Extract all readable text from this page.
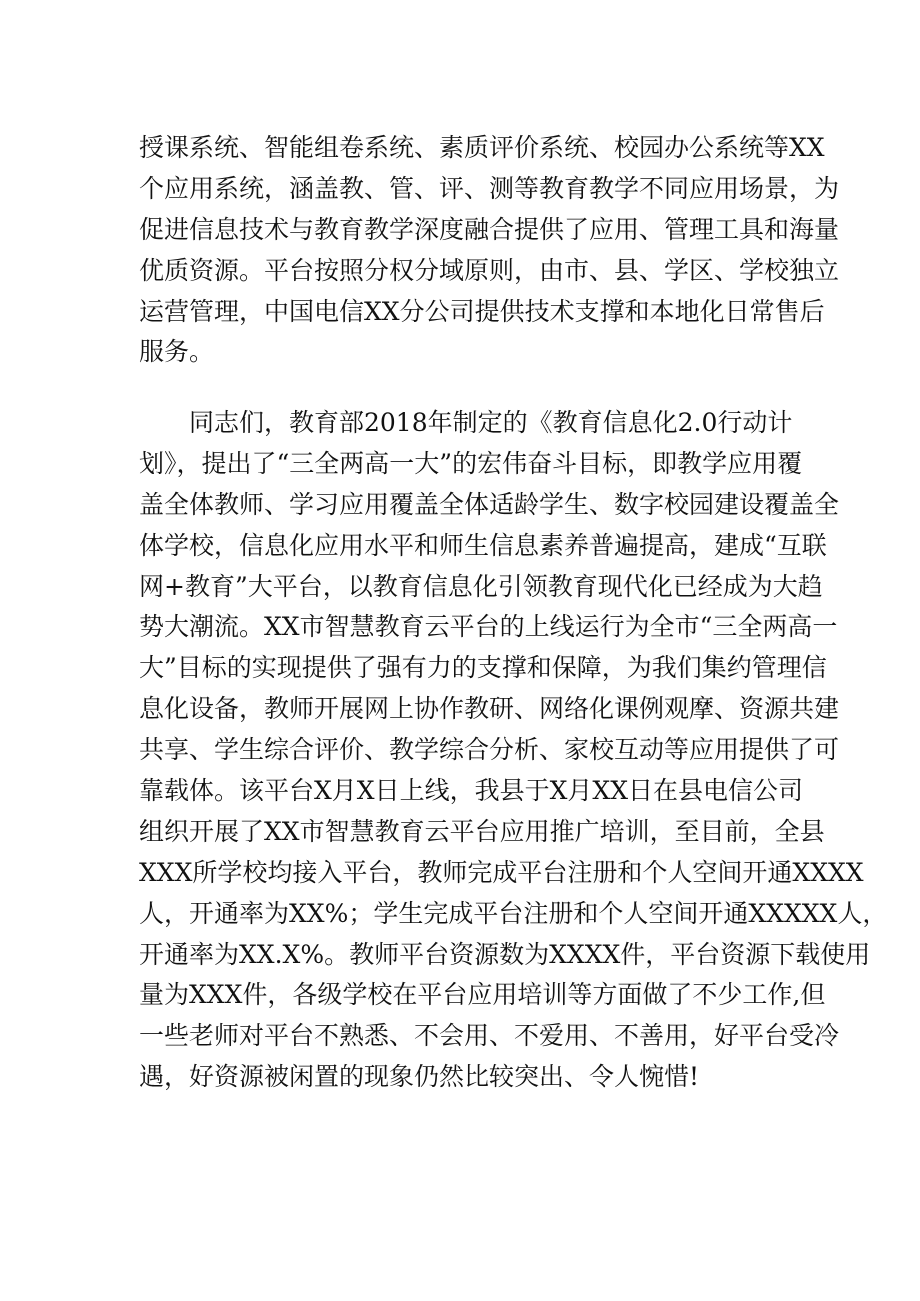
授课系统、智能组卷系统、素质评价系统、校园办公系统等XX
个应用系统，涵盖教、管、评、测等教育教学不同应用场景，为
促进信息技术与教育教学深度融合提供了应用、管理工具和海量
优质资源。平台按照分权分域原则，由市、县、学区、学校独立
运营管理，中国电信XX分公司提供技术支撑和本地化日常售后
服务。
　　同志们，教育部2018年制定的《教育信息化2.0行动计
划》，提出了“三全两高一大”的宏伟奋斗目标，即教学应用覆
盖全体教师、学习应用覆盖全体适龄学生、数字校园建设覆盖全
体学校，信息化应用水平和师生信息素养普遍提高，建成“互联
网+教育”大平台，以教育信息化引领教育现代化已经成为大趋
势大潮流。XX市智慧教育云平台的上线运行为全市“三全两高一
大”目标的实现提供了强有力的支撑和保障，为我们集约管理信
息化设备，教师开展网上协作教研、网络化课例观摩、资源共建
共享、学生综合评价、教学综合分析、家校互动等应用提供了可
靠载体。该平台X月X日上线，我县于X月XX日在县电信公司
组织开展了XX市智慧教育云平台应用推广培训，至目前，全县
XXX所学校均接入平台，教师完成平台注册和个人空间开通XXXX
人，开通率为XX%；学生完成平台注册和个人空间开通XXXXX人，
开通率为XX.X%。教师平台资源数为XXXX件，平台资源下载使用
量为XXX件，各级学校在平台应用培训等方面做了不少工作,但
一些老师对平台不熟悉、不会用、不爱用、不善用，好平台受冷
遇，好资源被闲置的现象仍然比较突出、令人惋惜!
